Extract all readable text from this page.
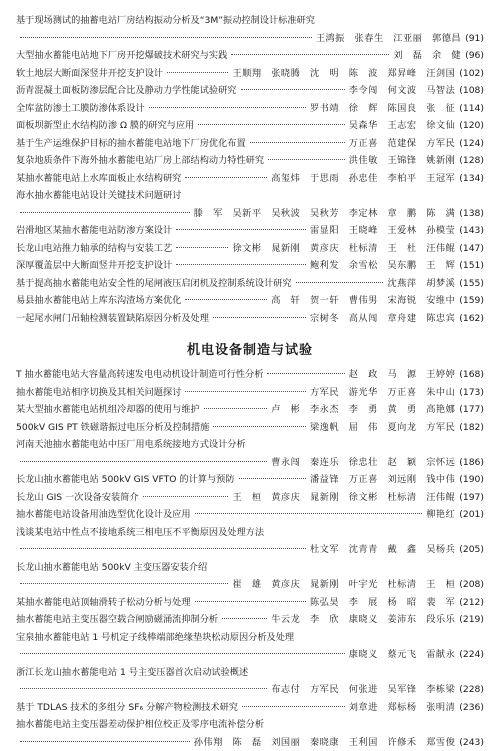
基于现场测试的抽蓄电站厂房结构振动分析及“3M”振动控制设计标准研究
王鸿振　张春生　江亚丽　郭德昌 (91)
大型抽水蓄能电站地下厂房开挖爆破技术研究与实践	刘　磊　余　健 (96)
软土地层大断面深竖井开挖支护设计	王顺翔　张晓腾　沈　明　陈　波　郑昇峰　汪剑国 (102)
沥青混凝土面板防渗层配合比及静动力学性能试验研究	李令闯　何文波　马智法 (108)
全库盆防渗土工膜防渗体系设计	罗书靖　徐　辉　陈国良　张　征 (114)
面板坝新型止水结构防渗 Ω 膜的研究与应用	吴森华　王志宏　徐文仙 (120)
基于生产运维保护目标的抽水蓄能电站地下厂房优化布置	万正喜　范建保　方军民 (124)
复杂地质条件下海外抽水蓄能电站厂房上部结构动力特性研究	洪佳敏　王锦锋　姚新刚 (128)
某抽水蓄能电站上水库面板止水结构研究	高玺炜　于思雨　孙忠佳　李柏平　王冠军 (134)
海水抽水蓄能电站设计关键技术问题研讨
滕　军　吴新平　吴秋波　吴秋芳　李定林　章　鹏　陈　满 (138)
岩滑地区某抽水蓄能电站防渗方案设计	雷显阳　王晓峰　王爱林　孙模莹 (143)
长龙山电站推力轴承的结构与安装工艺	徐文彬　晁新刚　黄彦庆　杜标清　王　杜　汪伟鲲 (147)
深厚覆盖层中大断面竖井开挖支护设计	鲍利发　余雪松　吴东鹏　王　辉 (151)
基于提高抽水蓄能电站安全性的尾闸液压启闭机及控制系统设计研究	沈燕萍　胡梦溪 (155)
易县抽水蓄能电站上库东沟渣场方案优化	高　轩　贺一轩　曹伟男　宋海锐　安维中 (159)
一起尾水闸门吊轴检测装置缺陷原因分析及处理	宗树冬　高从闯　章舟建　陈忠宾 (162)
机电设备制造与试验
T 抽水蓄能电站大容量高转速发电电动机设计制造可行性分析	赵　政　马　源　王婷婷 (168)
抽水蓄能电站相序切换及其相关问题探讨	方军民　游光华　万正喜　朱中山 (173)
某大型抽水蓄能电站机组冷却器的使用与维护	卢　彬　李永杰　李　勇　黄　勇　高艳娜 (177)
500kV GIS PT 铁磁谐振过电压分析及控制措施	梁逸帆　屈　伟　夏向龙　方军民 (182)
河南天池抽水蓄能电站中压厂用电系统接地方式设计分析
曹永闯　秦连乐　徐忠壮　赵　颖　宗怀远 (186)
长龙山抽水蓄能电站 500kV GIS VFTO 的计算与预防	潘益锋　万正喜　刘远刚　钱中伟 (190)
长龙山 GIS 一次设备安装简介	王　桓　黄彦庆　晁新刚　徐文彬　杜标清　汪伟鲲 (197)
抽水蓄能电站设备用油选型优化设计及应用	柳艳红 (201)
浅谈某电站中性点不接地系统三相电压不平衡原因及处理方法
杜文军　沈青青　戴　鑫　吴杨兵 (205)
长龙山抽水蓄能电站 500kV 主变压器安装介绍
崔　雄　黄彦庆　晁新刚　叶宇光　杜标清　王　桓 (208)
某抽水蓄能电站顶轴滑转子松动分析与处理	陈弘昊　李　展　杨　昭　裴　军 (212)
抽水蓄能电站主变压器空载合闸励磁涌流抑制分析	牛云龙　李　欣　康晓义　姜沛东　段乐乐 (219)
宝泉抽水蓄能电站 1 号机定子线棒端部绝缘垫块松动原因分析及处理
康晓义　蔡元飞　雷献永 (224)
浙江长龙山抽水蓄能电站 1 号主变压器首次启动试验概述
布志付　方军民　何张进　吴军锋　李栋梁 (228)
基于 TDLAS 技术的多组分 SF₆ 分解产物检测技术研究	刘章进　郑标杨　张明清 (236)
抽水蓄能电站主变压器差动保护相位校正及零序电流补偿分析
孙伟翔　陈　磊　刘国丽　秦晓康　王利国　许修禾　郑雪俊 (243)
